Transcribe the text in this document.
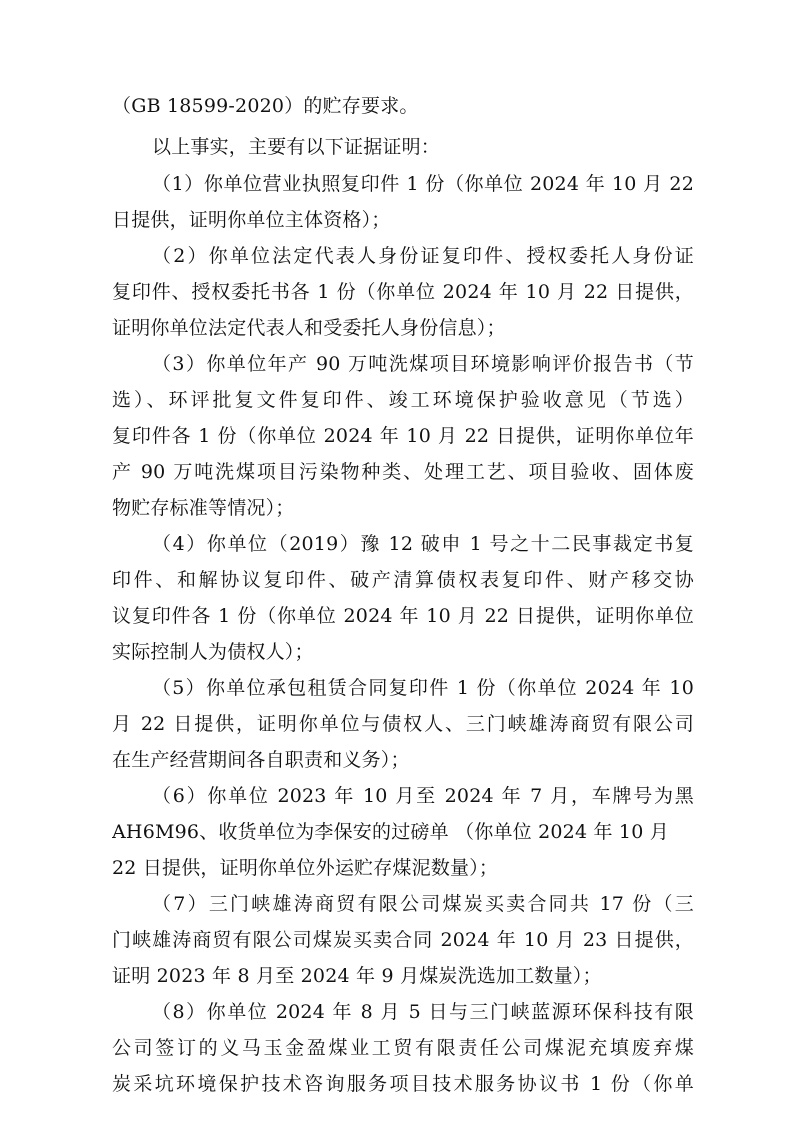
（GB 18599-2020）的贮存要求。
以上事实，主要有以下证据证明：
（1）你单位营业执照复印件 1 份（你单位 2024 年 10 月 22
日提供，证明你单位主体资格）；
（2）你单位法定代表人身份证复印件、授权委托人身份证
复印件、授权委托书各 1 份（你单位 2024 年 10 月 22 日提供，
证明你单位法定代表人和受委托人身份信息）；
（3）你单位年产 90 万吨洗煤项目环境影响评价报告书（节
选）、环评批复文件复印件、竣工环境保护验收意见（节选）
复印件各 1 份（你单位 2024 年 10 月 22 日提供，证明你单位年
产 90 万吨洗煤项目污染物种类、处理工艺、项目验收、固体废
物贮存标准等情况）；
（4）你单位（2019）豫 12 破申 1 号之十二民事裁定书复
印件、和解协议复印件、破产清算债权表复印件、财产移交协
议复印件各 1 份（你单位 2024 年 10 月 22 日提供，证明你单位
实际控制人为债权人）；
（5）你单位承包租赁合同复印件 1 份（你单位 2024 年 10
月 22 日提供，证明你单位与债权人、三门峡雄涛商贸有限公司
在生产经营期间各自职责和义务）；
（6）你单位 2023 年 10 月至 2024 年 7 月，车牌号为黑
AH6M96、收货单位为李保安的过磅单 （你单位 2024 年 10 月
22 日提供，证明你单位外运贮存煤泥数量）；
（7）三门峡雄涛商贸有限公司煤炭买卖合同共 17 份（三
门峡雄涛商贸有限公司煤炭买卖合同 2024 年 10 月 23 日提供，
证明 2023 年 8 月至 2024 年 9 月煤炭洗选加工数量）；
（8）你单位 2024 年 8 月 5 日与三门峡蓝源环保科技有限
公司签订的义马玉金盈煤业工贸有限责任公司煤泥充填废弃煤
炭采坑环境保护技术咨询服务项目技术服务协议书 1 份（你单
